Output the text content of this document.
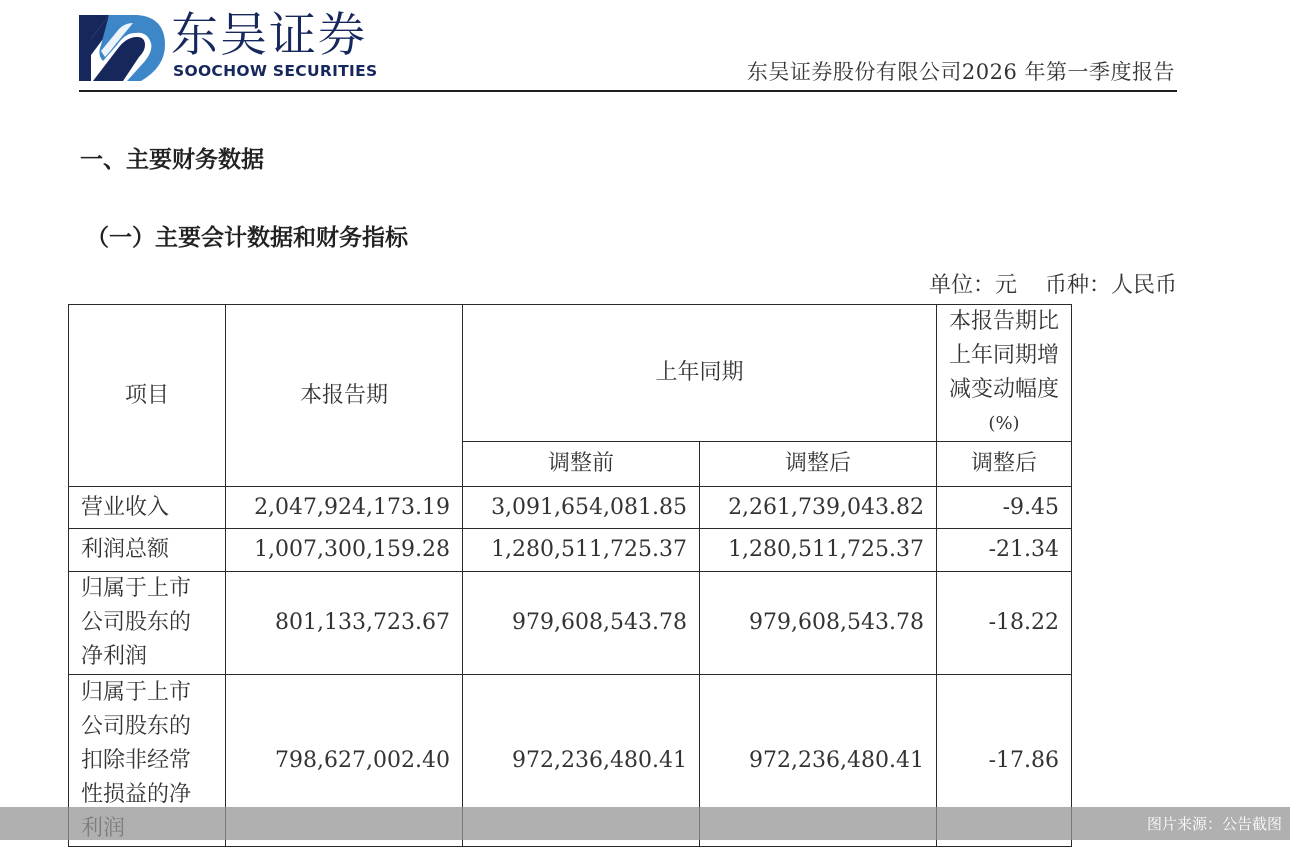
东吴证券
SOOCHOW SECURITIES	东吴证券股份有限公司2026 年第一季度报告
一、主要财务数据
（一）主要会计数据和财务指标
单位：元 币种：人民币
项目	本报告期	上年同期		本报告期比
上年同期增
减变动幅度
(%)

		调整前	调整后	调整后

营业收入	2,047,924,173.19	3,091,654,081.85	2,261,739,043.82	-9.45

利润总额	1,007,300,159.28	1,280,511,725.37	1,280,511,725.37	-21.34

归属于上市
公司股东的
净利润	801,133,723.67	979,608,543.78	979,608,543.78	-18.22

归属于上市
公司股东的
扣除非经常
性损益的净	798,627,002.40	972,236,480.41	972,236,480.41	-17.86
图片来源：公告截图
